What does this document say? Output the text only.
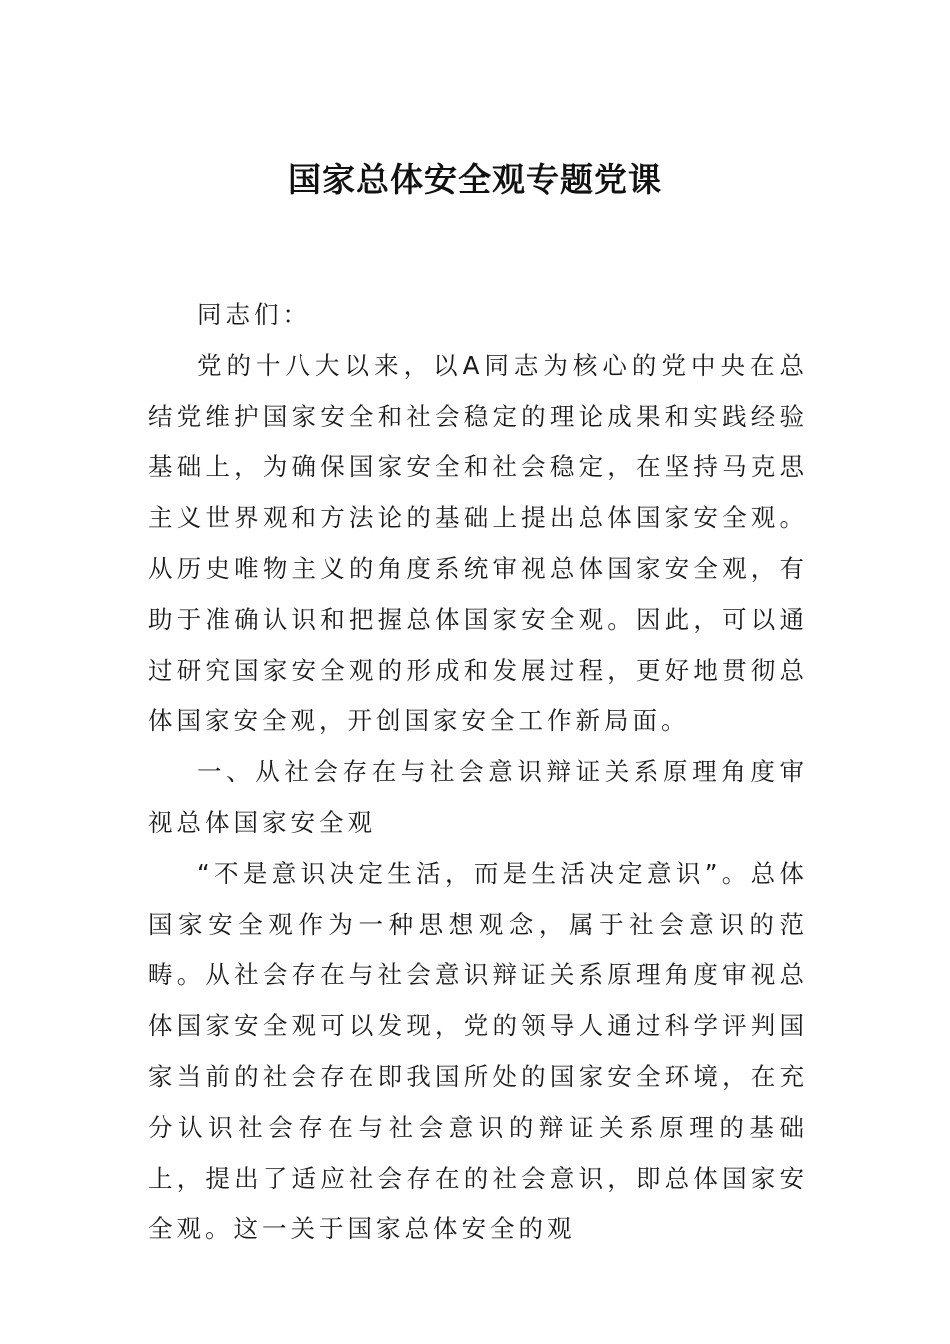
国家总体安全观专题党课

同志们：

党的十八大以来，以A同志为核心的党中央在总结党维护国家安全和社会稳定的理论成果和实践经验基础上，为确保国家安全和社会稳定，在坚持马克思主义世界观和方法论的基础上提出总体国家安全观。从历史唯物主义的角度系统审视总体国家安全观，有助于准确认识和把握总体国家安全观。因此，可以通过研究国家安全观的形成和发展过程，更好地贯彻总体国家安全观，开创国家安全工作新局面。

一、从社会存在与社会意识辩证关系原理角度审视总体国家安全观

“不是意识决定生活，而是生活决定意识”。总体国家安全观作为一种思想观念，属于社会意识的范畴。从社会存在与社会意识辩证关系原理角度审视总体国家安全观可以发现，党的领导人通过科学评判国家当前的社会存在即我国所处的国家安全环境，在充分认识社会存在与社会意识的辩证关系原理的基础上，提出了适应社会存在的社会意识，即总体国家安全观。这一关于国家总体安全的观
